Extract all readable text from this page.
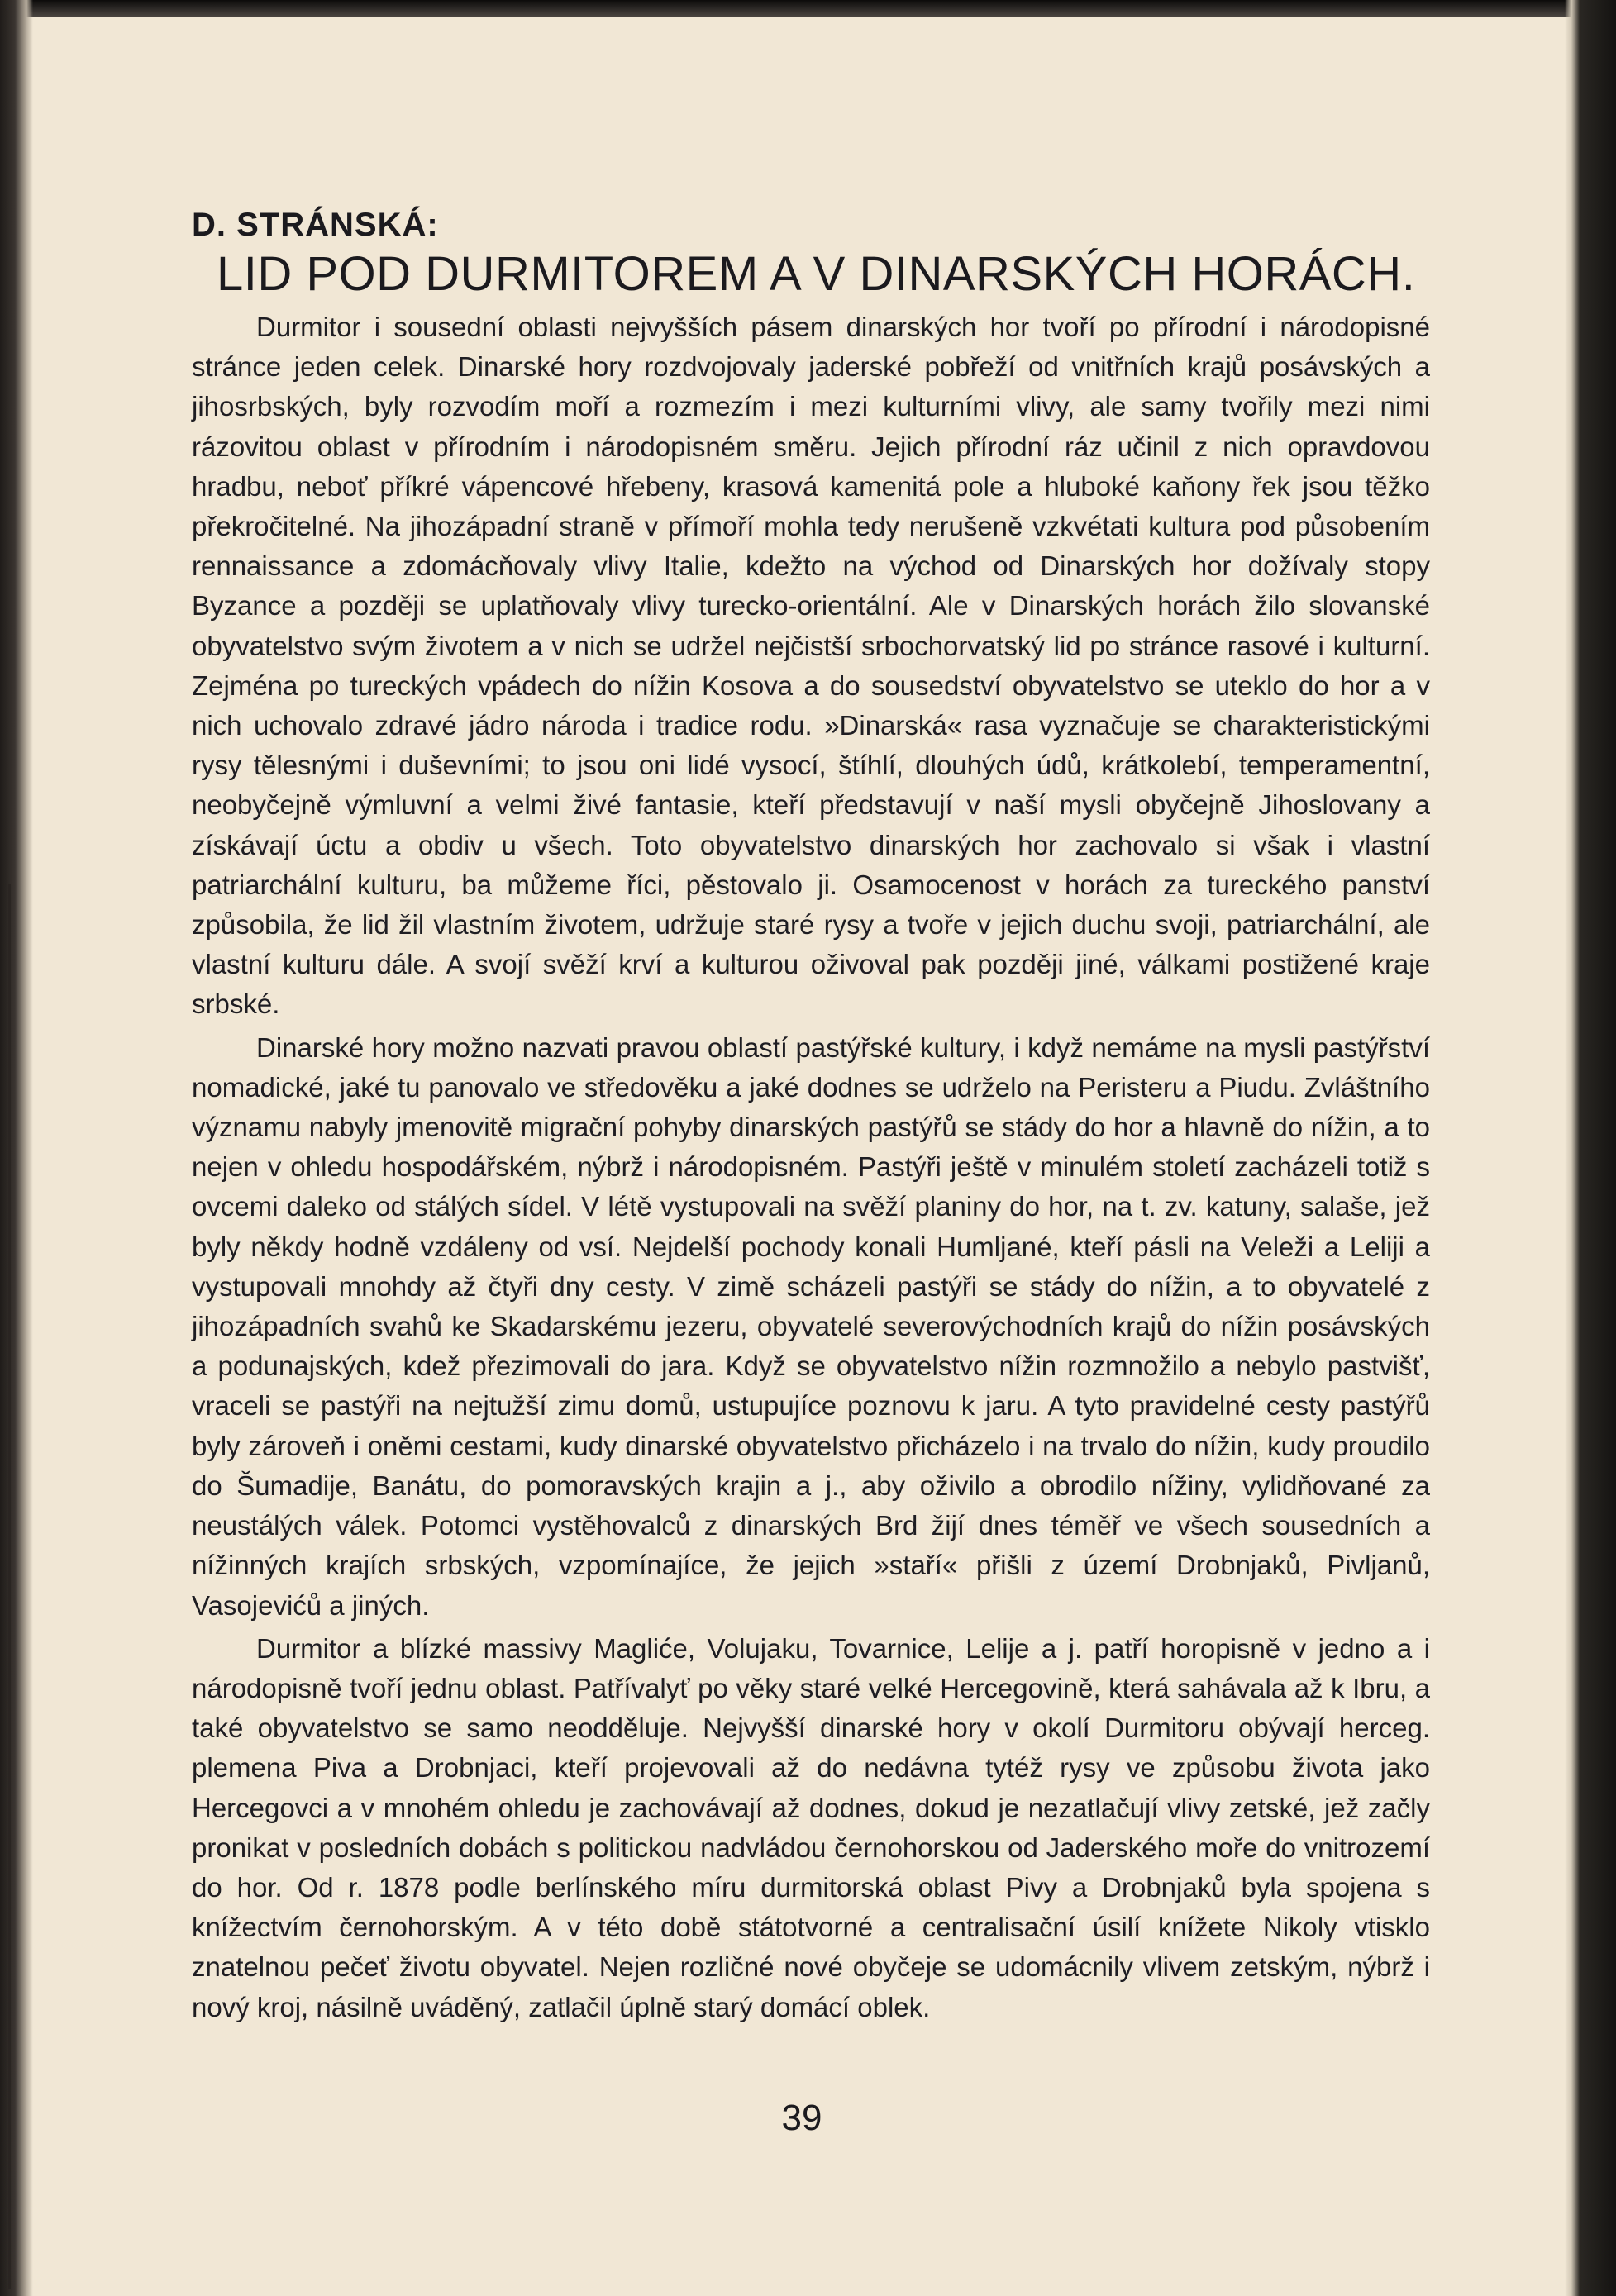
D. STRÁNSKÁ:
LID POD DURMITOREM A V DINARSKÝCH HORÁCH.

Durmitor i sousední oblasti nejvyšších pásem dinarských hor tvoří po přírodní i národopisné stránce jeden celek. Dinarské hory rozdvojovaly jaderské pobřeží od vnitřních krajů posávských a jihosrbských, byly rozvodím moří a rozmezím i mezi kulturními vlivy, ale samy tvořily mezi nimi rázovitou oblast v přírodním i národopisném směru. Jejich přírodní ráz učinil z nich opravdovou hradbu, neboť příkré vápencové hřebeny, krasová kamenitá pole a hluboké kaňony řek jsou těžko překročitelné. Na jihozápadní straně v přímoří mohla tedy nerušeně vzkvétati kultura pod působením rennaissance a zdomácňovaly vlivy Italie, kdežto na východ od Dinarských hor dožívaly stopy Byzance a později se uplatňovaly vlivy turecko-orientální. Ale v Dinarských horách žilo slovanské obyvatelstvo svým životem a v nich se udržel nejčistší srbochorvatský lid po stránce rasové i kulturní. Zejména po tureckých vpádech do nížin Kosova a do sousedství obyvatelstvo se uteklo do hor a v nich uchovalo zdravé jádro národa i tradice rodu. »Dinarská« rasa vyznačuje se charakteristickými rysy tělesnými i duševními; to jsou oni lidé vysocí, štíhlí, dlouhých údů, krátkolebí, temperamentní, neobyčejně výmluvní a velmi živé fantasie, kteří představují v naší mysli obyčejně Jihoslovany a získávají úctu a obdiv u všech. Toto obyvatelstvo dinarských hor zachovalo si však i vlastní patriarchální kulturu, ba můžeme říci, pěstovalo ji. Osamocenost v horách za tureckého panství způsobila, že lid žil vlastním životem, udržuje staré rysy a tvoře v jejich duchu svoji, patriarchální, ale vlastní kulturu dále. A svojí svěží krví a kulturou oživoval pak později jiné, válkami postižené kraje srbské.

Dinarské hory možno nazvati pravou oblastí pastýřské kultury, i když nemáme na mysli pastýřství nomadické, jaké tu panovalo ve středověku a jaké dodnes se udrželo na Peristeru a Piudu. Zvláštního významu nabyly jmenovitě migrační pohyby dinarských pastýřů se stády do hor a hlavně do nížin, a to nejen v ohledu hospodářském, nýbrž i národopisném. Pastýři ještě v minulém století zacházeli totiž s ovcemi daleko od stálých sídel. V létě vystupovali na svěží planiny do hor, na t. zv. katuny, salaše, jež byly někdy hodně vzdáleny od vsí. Nejdelší pochody konali Humljané, kteří pásli na Veleži a Leliji a vystupovali mnohdy až čtyři dny cesty. V zimě scházeli pastýři se stády do nížin, a to obyvatelé z jihozápadních svahů ke Skadarskému jezeru, obyvatelé severovýchodních krajů do nížin posávských a podunajských, kdež přezimovali do jara. Když se obyvatelstvo nížin rozmnožilo a nebylo pastvišť, vraceli se pastýři na nejtužší zimu domů, ustupujíce poznovu k jaru. A tyto pravidelné cesty pastýřů byly zároveň i oněmi cestami, kudy dinarské obyvatelstvo přicházelo i na trvalo do nížin, kudy proudilo do Šumadije, Banátu, do pomoravských krajin a j., aby oživilo a obrodilo nížiny, vylidňované za neustálých válek. Potomci vystěhovalců z dinarských Brd žijí dnes téměř ve všech sousedních a nížinných krajích srbských, vzpomínajíce, že jejich »staří« přišli z území Drobnjaků, Pivljanů, Vasojevićů a jiných.

Durmitor a blízké massivy Magliće, Volujaku, Tovarnice, Lelije a j. patří horopisně v jedno a i národopisně tvoří jednu oblast. Patřívalyť po věky staré velké Hercegovině, která sahávala až k Ibru, a také obyvatelstvo se samo neodděluje. Nejvyšší dinarské hory v okolí Durmitoru obývají herceg. plemena Piva a Drobnjaci, kteří projevovali až do nedávna tytéž rysy ve způsobu života jako Hercegovci a v mnohém ohledu je zachovávají až dodnes, dokud je nezatlačují vlivy zetské, jež začly pronikat v posledních dobách s politickou nadvládou černohorskou od Jaderského moře do vnitrozemí do hor. Od r. 1878 podle berlínského míru durmitorská oblast Pivy a Drobnjaků byla spojena s knížectvím černohorským. A v této době státotvorné a centralisační úsilí knížete Nikoly vtisklo znatelnou pečeť životu obyvatel. Nejen rozličné nové obyčeje se udomácnily vlivem zetským, nýbrž i nový kroj, násilně uváděný, zatlačil úplně starý domácí oblek.

39
